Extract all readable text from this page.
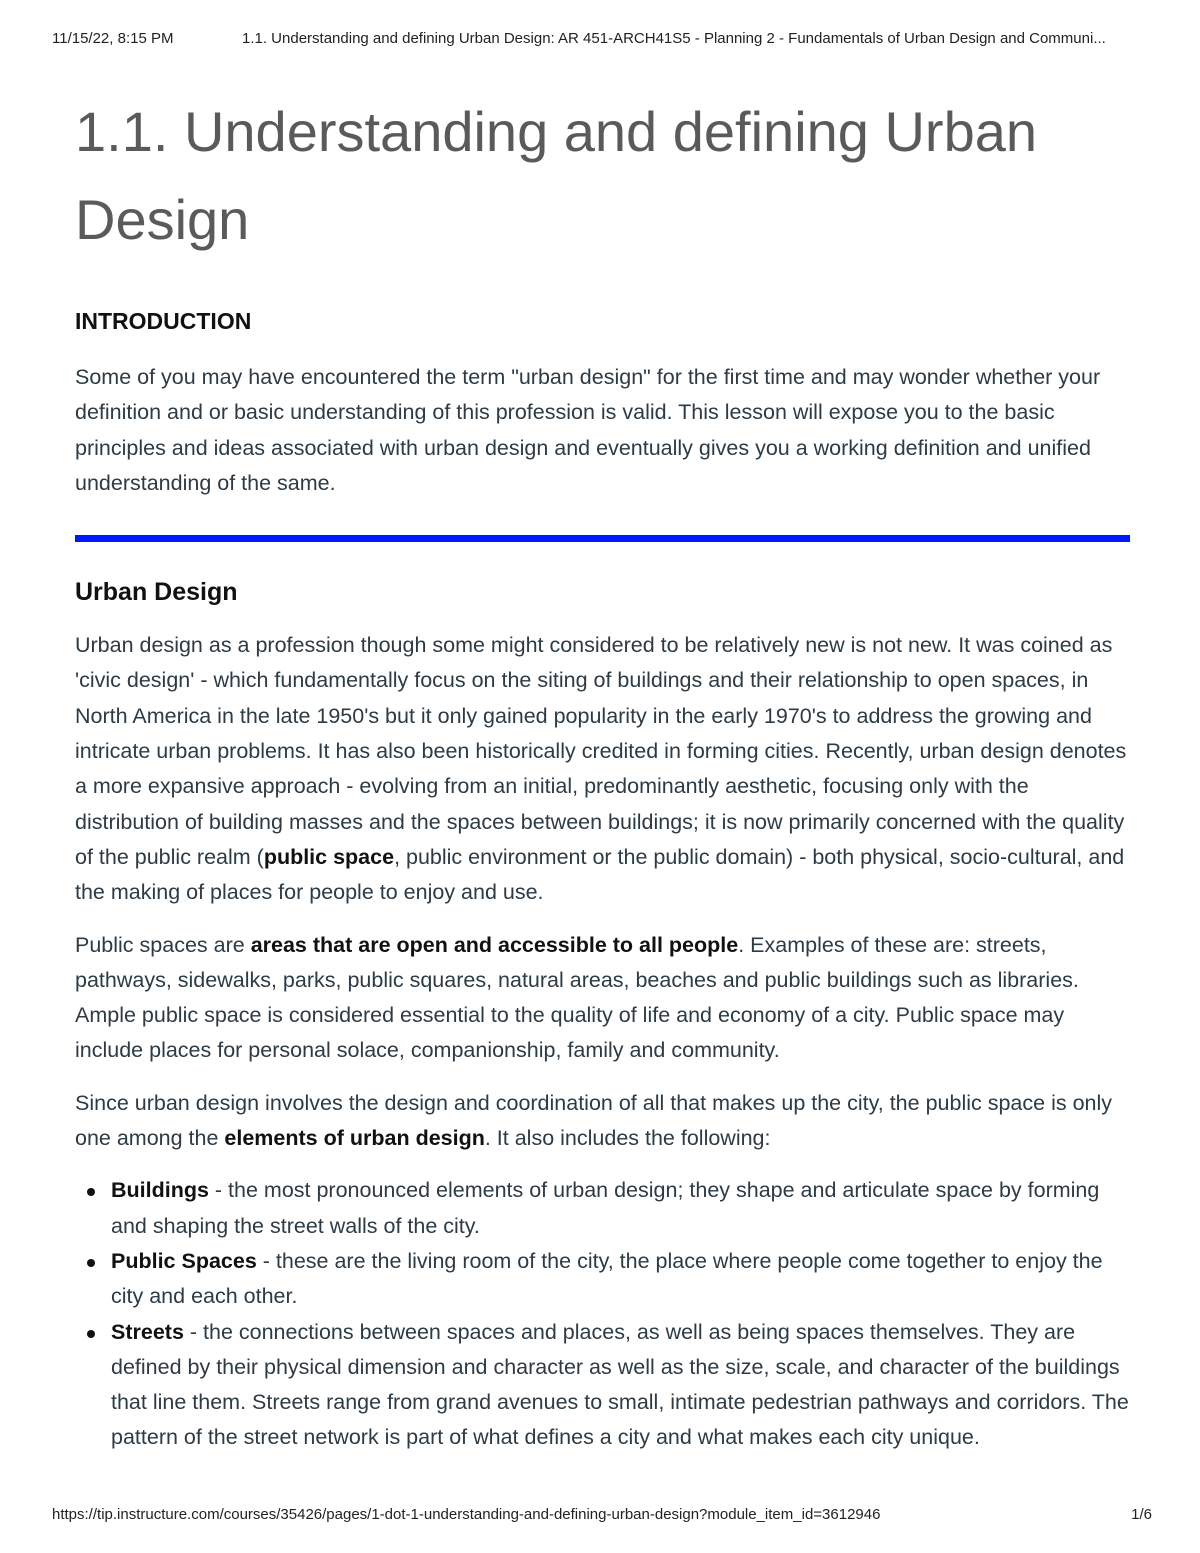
11/15/22, 8:15 PM	1.1. Understanding and defining Urban Design: AR 451-ARCH41S5 - Planning 2 - Fundamentals of Urban Design and Communi...
1.1. Understanding and defining Urban Design
INTRODUCTION

Some of you may have encountered the term "urban design" for the first time and may wonder whether your definition and or basic understanding of this profession is valid. This lesson will expose you to the basic principles and ideas associated with urban design and eventually gives you a working definition and unified understanding of the same.

Urban Design

Urban design as a profession though some might considered to be relatively new is not new. It was coined as 'civic design' - which fundamentally focus on the siting of buildings and their relationship to open spaces, in North America in the late 1950's but it only gained popularity in the early 1970's to address the growing and intricate urban problems. It has also been historically credited in forming cities. Recently, urban design denotes a more expansive approach - evolving from an initial, predominantly aesthetic, focusing only with the distribution of building masses and the spaces between buildings; it is now primarily concerned with the quality of the public realm (public space, public environment or the public domain) - both physical, socio-cultural, and the making of places for people to enjoy and use.

Public spaces are areas that are open and accessible to all people. Examples of these are: streets, pathways, sidewalks, parks, public squares, natural areas, beaches and public buildings such as libraries. Ample public space is considered essential to the quality of life and economy of a city. Public space may include places for personal solace, companionship, family and community.

Since urban design involves the design and coordination of all that makes up the city, the public space is only one among the elements of urban design. It also includes the following:

Buildings - the most pronounced elements of urban design; they shape and articulate space by forming and shaping the street walls of the city.
Public Spaces - these are the living room of the city, the place where people come together to enjoy the city and each other.
Streets - the connections between spaces and places, as well as being spaces themselves. They are defined by their physical dimension and character as well as the size, scale, and character of the buildings that line them. Streets range from grand avenues to small, intimate pedestrian pathways and corridors. The pattern of the street network is part of what defines a city and what makes each city unique.
https://tip.instructure.com/courses/35426/pages/1-dot-1-understanding-and-defining-urban-design?module_item_id=3612946	1/6
